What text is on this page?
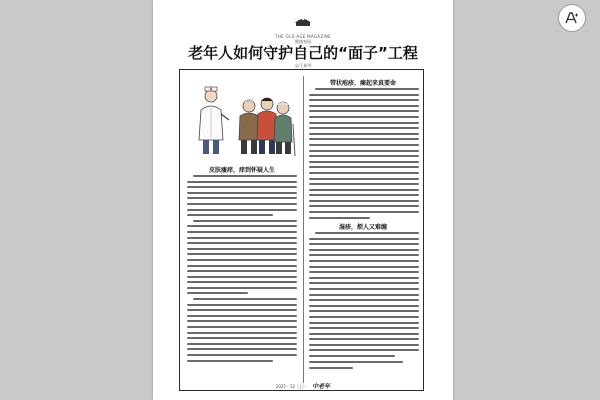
THE OLD AGE MAGAZINE
健康家园
老年人如何守护自己的“面子”工程
文/王新华
皮肤瘙痒，痒到怀疑人生
带状疱疹，痛起来真要命
湿疹，烦人又难缠
2025 · 12（上） 中老年
